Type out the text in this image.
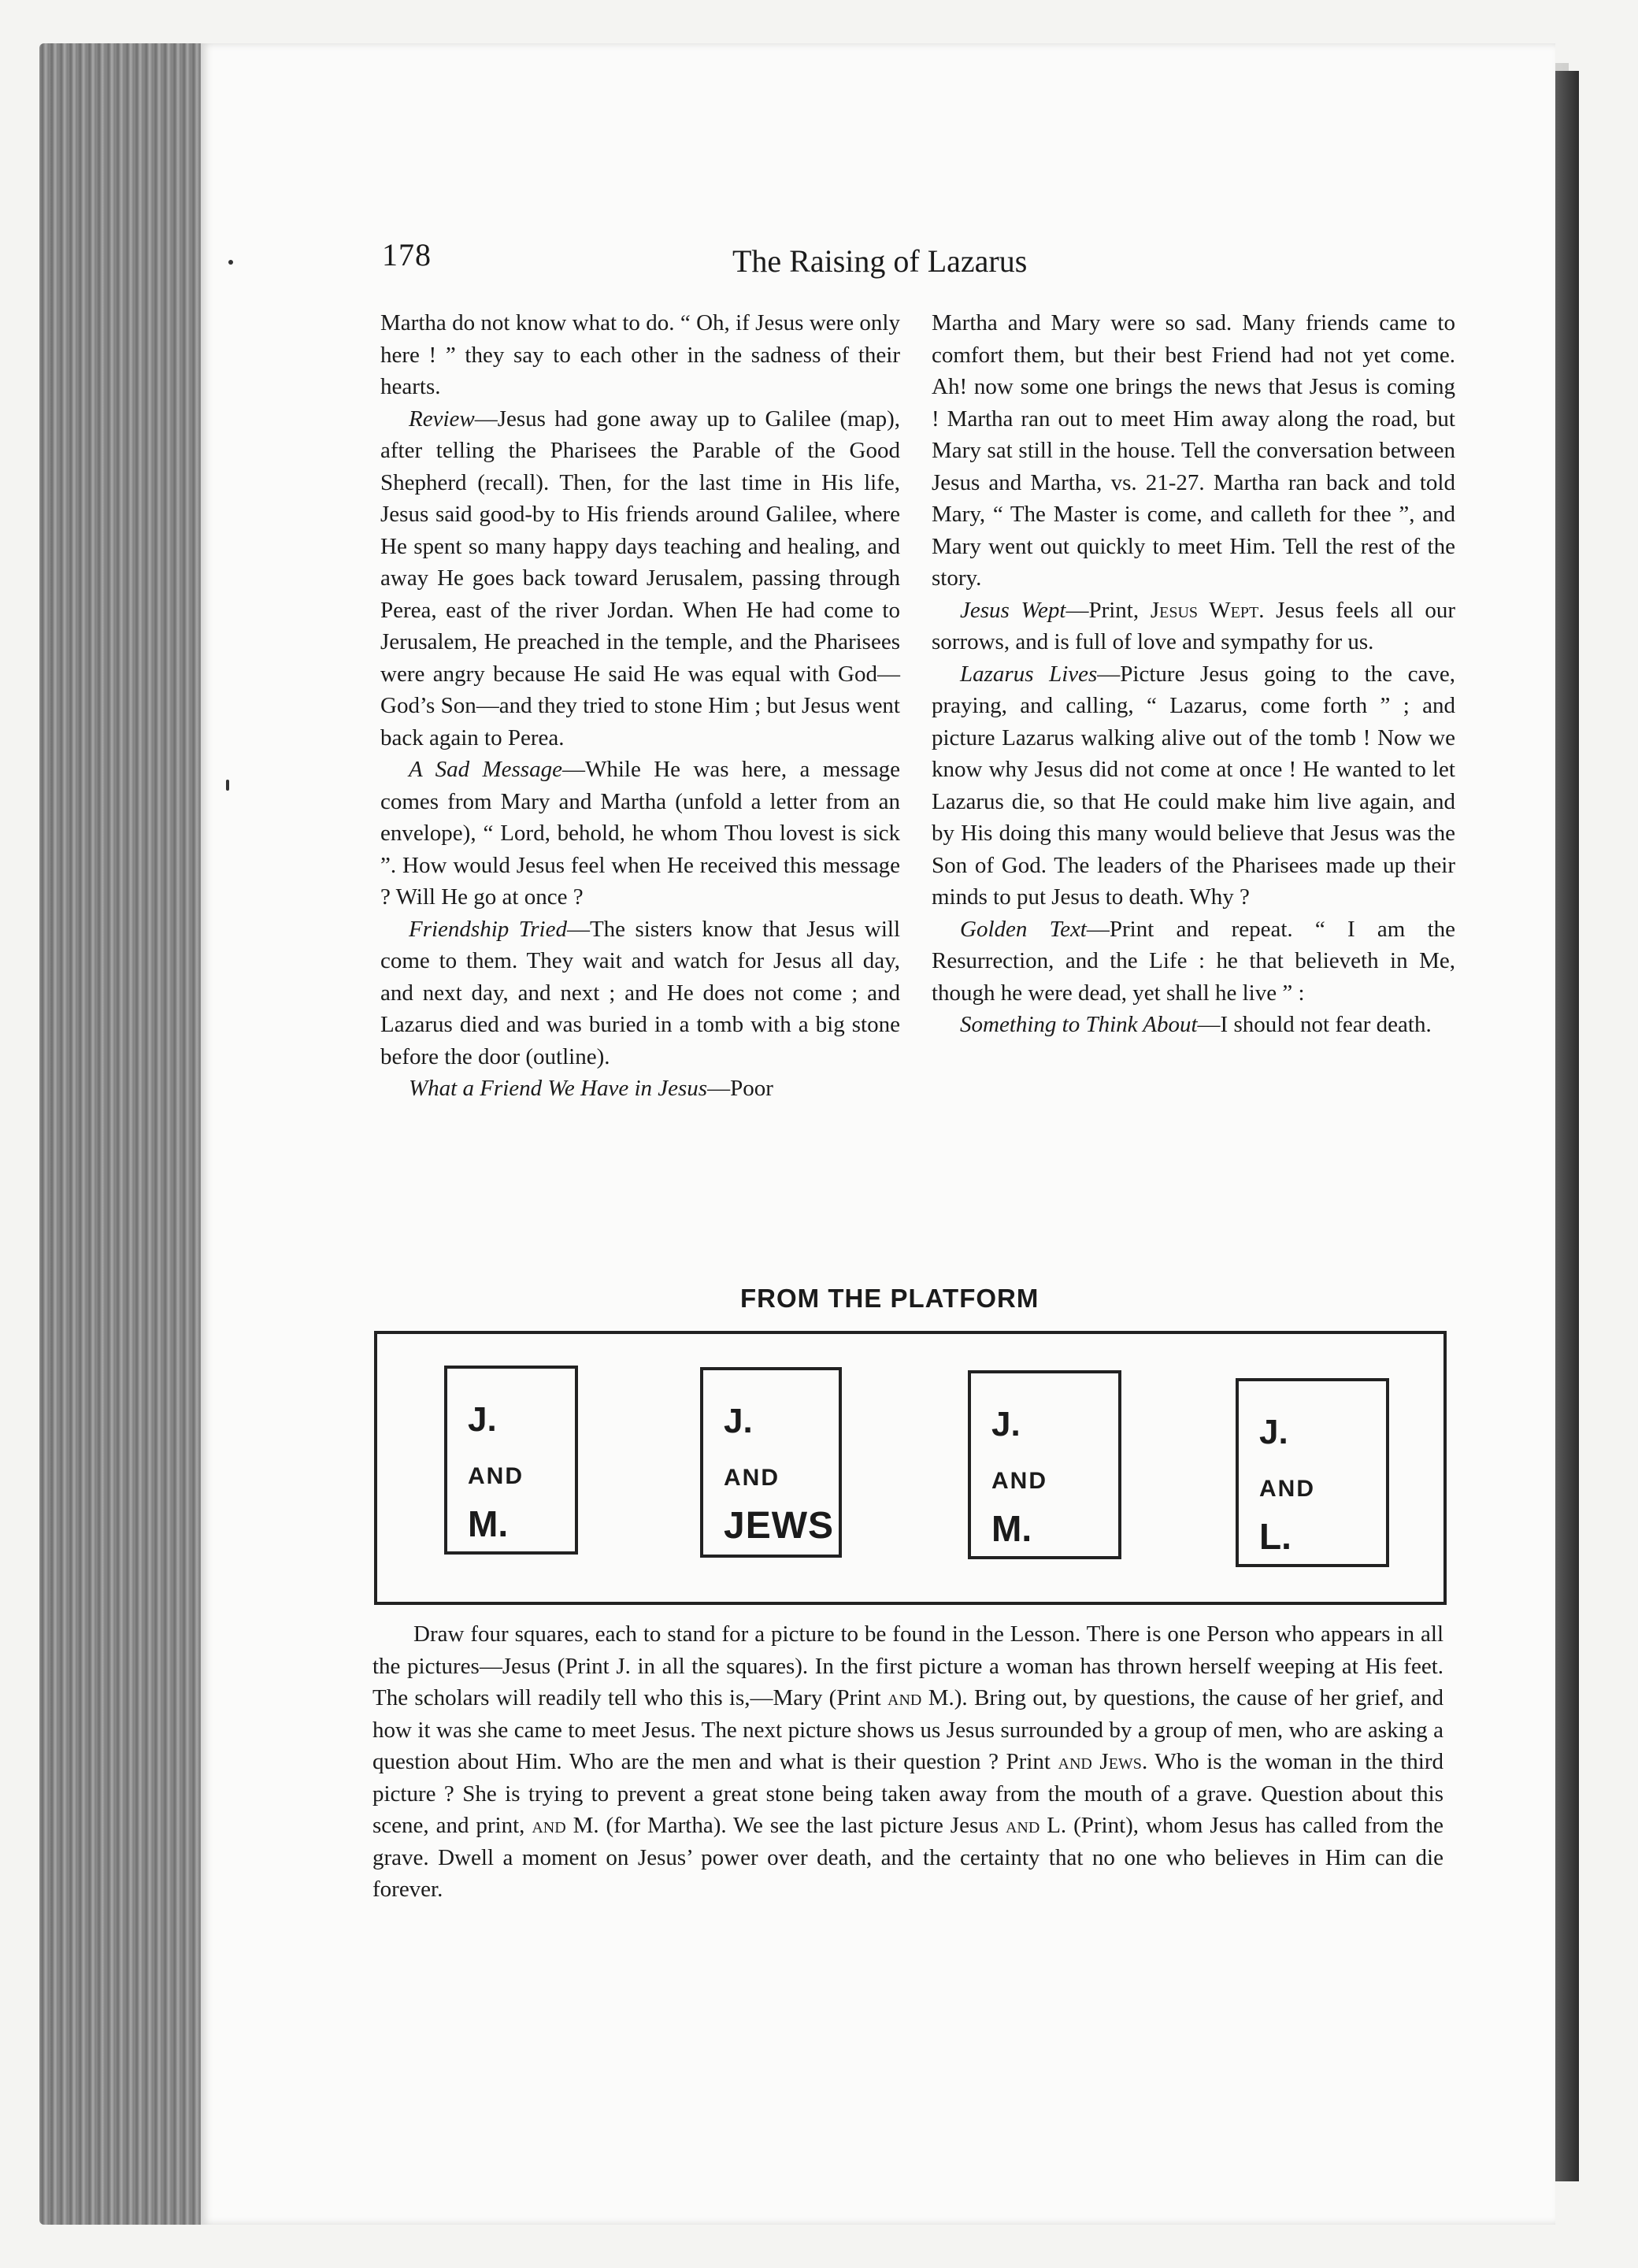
178	The Raising of Lazarus

Martha do not know what to do. “ Oh, if Jesus were only here ! ” they say to each other in the sadness of their hearts.

Review—Jesus had gone away up to Galilee (map), after telling the Pharisees the Parable of the Good Shepherd (recall). Then, for the last time in His life, Jesus said good-by to His friends around Galilee, where He spent so many happy days teaching and healing, and away He goes back toward Jerusalem, passing through Perea, east of the river Jordan. When He had come to Jerusalem, He preached in the temple, and the Pharisees were angry because He said He was equal with God—God’s Son—and they tried to stone Him ; but Jesus went back again to Perea.

A Sad Message—While He was here, a message comes from Mary and Martha (unfold a letter from an envelope), “ Lord, behold, he whom Thou lovest is sick ”. How would Jesus feel when He received this message ? Will He go at once ?

Friendship Tried—The sisters know that Jesus will come to them. They wait and watch for Jesus all day, and next day, and next ; and He does not come ; and Lazarus died and was buried in a tomb with a big stone before the door (outline).

What a Friend We Have in Jesus—Poor

Martha and Mary were so sad. Many friends came to comfort them, but their best Friend had not yet come. Ah! now some one brings the news that Jesus is coming ! Martha ran out to meet Him away along the road, but Mary sat still in the house. Tell the conversation between Jesus and Martha, vs. 21-27. Martha ran back and told Mary, “ The Master is come, and calleth for thee ”, and Mary went out quickly to meet Him. Tell the rest of the story.

Jesus Wept—Print, Jesus Wept. Jesus feels all our sorrows, and is full of love and sympathy for us.

Lazarus Lives—Picture Jesus going to the cave, praying, and calling, “ Lazarus, come forth ” ; and picture Lazarus walking alive out of the tomb ! Now we know why Jesus did not come at once ! He wanted to let Lazarus die, so that He could make him live again, and by His doing this many would believe that Jesus was the Son of God. The leaders of the Pharisees made up their minds to put Jesus to death. Why ?

Golden Text—Print and repeat. “ I am the Resurrection, and the Life : he that believeth in Me, though he were dead, yet shall he live ” :

Something to Think About—I should not fear death.

FROM THE PLATFORM
J.
AND
M.
J.
AND
JEWS
J.
AND
M.
J.
AND
L.

Draw four squares, each to stand for a picture to be found in the Lesson. There is one Person who appears in all the pictures—Jesus (Print J. in all the squares). In the first picture a woman has thrown herself weeping at His feet. The scholars will readily tell who this is,—Mary (Print and M.). Bring out, by questions, the cause of her grief, and how it was she came to meet Jesus. The next picture shows us Jesus surrounded by a group of men, who are asking a question about Him. Who are the men and what is their question ? Print and Jews. Who is the woman in the third picture ? She is trying to prevent a great stone being taken away from the mouth of a grave. Question about this scene, and print, and M. (for Martha). We see the last picture Jesus and L. (Print), whom Jesus has called from the grave. Dwell a moment on Jesus’ power over death, and the certainty that no one who believes in Him can die forever.
